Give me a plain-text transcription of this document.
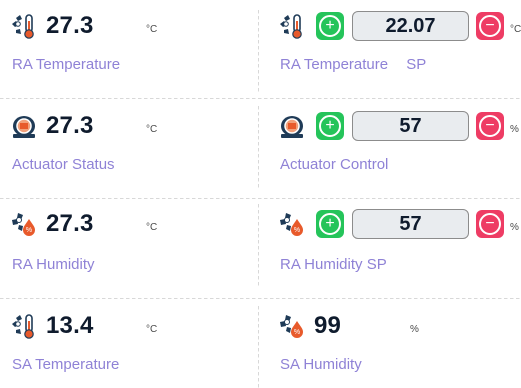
27.3	°C
RA Temperature
+	22.07	−	°C
RA Temperature SP
27.3	°C
Actuator Status
+	57	−	%
Actuator Control
% 27.3	°C
RA Humidity
%	+	57	−	%
RA Humidity SP
13.4	°C
SA Temperature
% 99	%
SA Humidity
